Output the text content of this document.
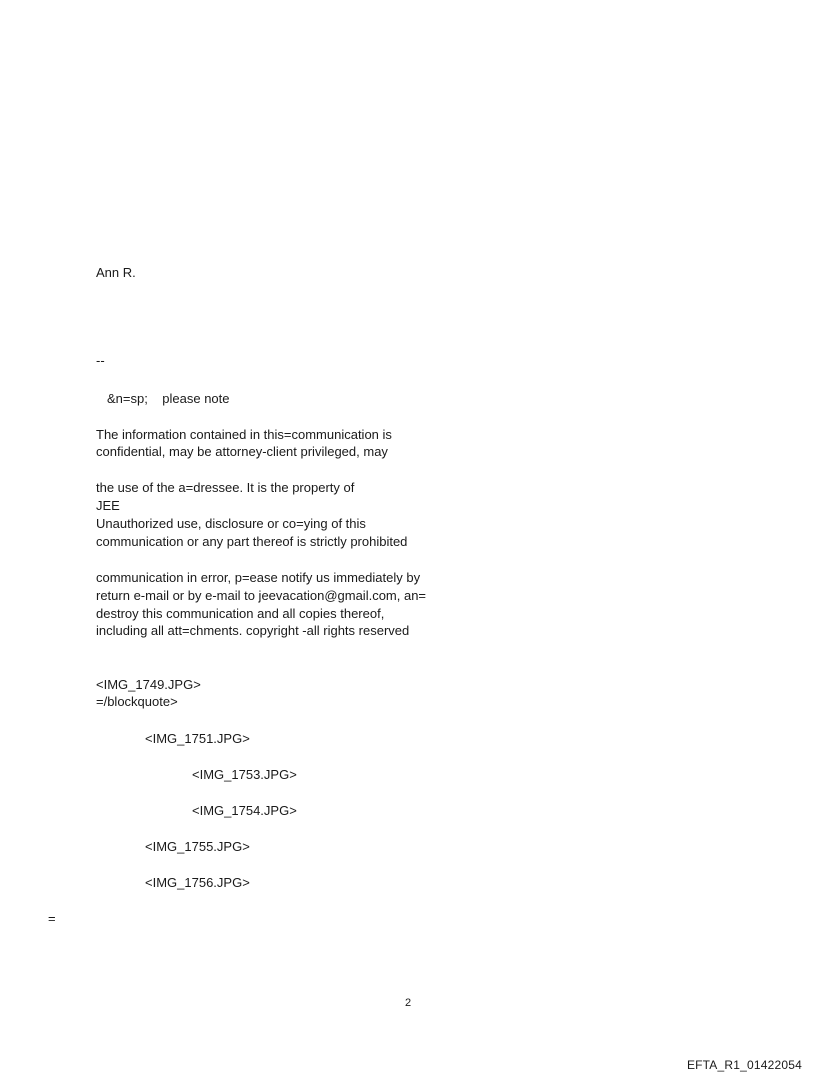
Ann R.
--
&n=sp;    please note
The information contained in this=communication is
confidential, may be attorney-client privileged, may
the use of the a=dressee. It is the property of
JEE
Unauthorized use, disclosure or co=ying of this
communication or any part thereof is strictly prohibited
communication in error, p=ease notify us immediately by
return e-mail or by e-mail to jeevacation@gmail.com, an=
destroy this communication and all copies thereof,
including all att=chments. copyright -all rights reserved
<IMG_1749.JPG>
=/blockquote>
<IMG_1751.JPG>
<IMG_1753.JPG>
<IMG_1754.JPG>
<IMG_1755.JPG>
<IMG_1756.JPG>
=
2
EFTA_R1_01422054
